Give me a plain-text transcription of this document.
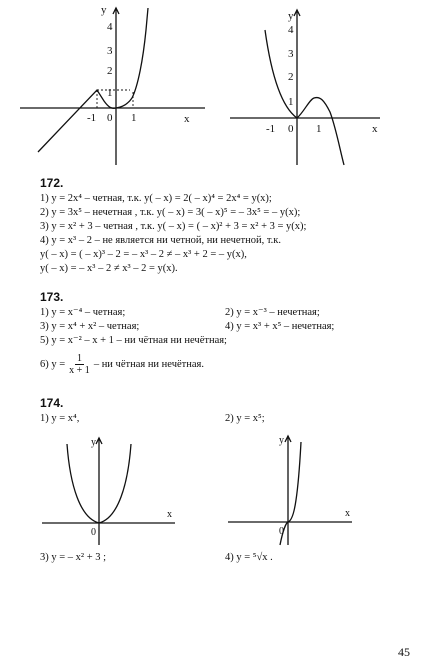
y
x
1
2
3
4
-1 0 1
y
x
1
2
3
4
-1 0 1
172.
1) y = 2x⁴ – четная, т.к. y( – x) = 2( – x)⁴ = 2x⁴ = y(x);
2) y = 3x⁵ – нечетная , т.к. y( – x) = 3( – x)⁵ = – 3x⁵ = – y(x);
3) y = x² + 3 – четная , т.к. y( – x) = ( – x)² + 3 = x² + 3 = y(x);
4) y = x³ – 2 – не является ни четной, ни нечетной, т.к.
y( – x) = ( – x)³ – 2 = – x³ – 2 ≠ – x³ + 2 = – y(x),
y( – x) = – x³ – 2 ≠ x³ – 2 = y(x).
173.
1) y = x⁻⁴ – четная;	2) y = x⁻³ – нечетная;
3) y = x⁴ + x² – четная;	4) y = x³ + x⁵ – нечетная;
5) y = x⁻² – x + 1 – ни чётная ни нечётная;
6) $y = \frac{1}{x + 1}$ – ни чётная ни нечётная.
174.
1) y = x⁴,	2) y = x⁵;
y
x
0
y
x
0
3) y = – x² + 3 ;	4) y = ⁵√x .
45
